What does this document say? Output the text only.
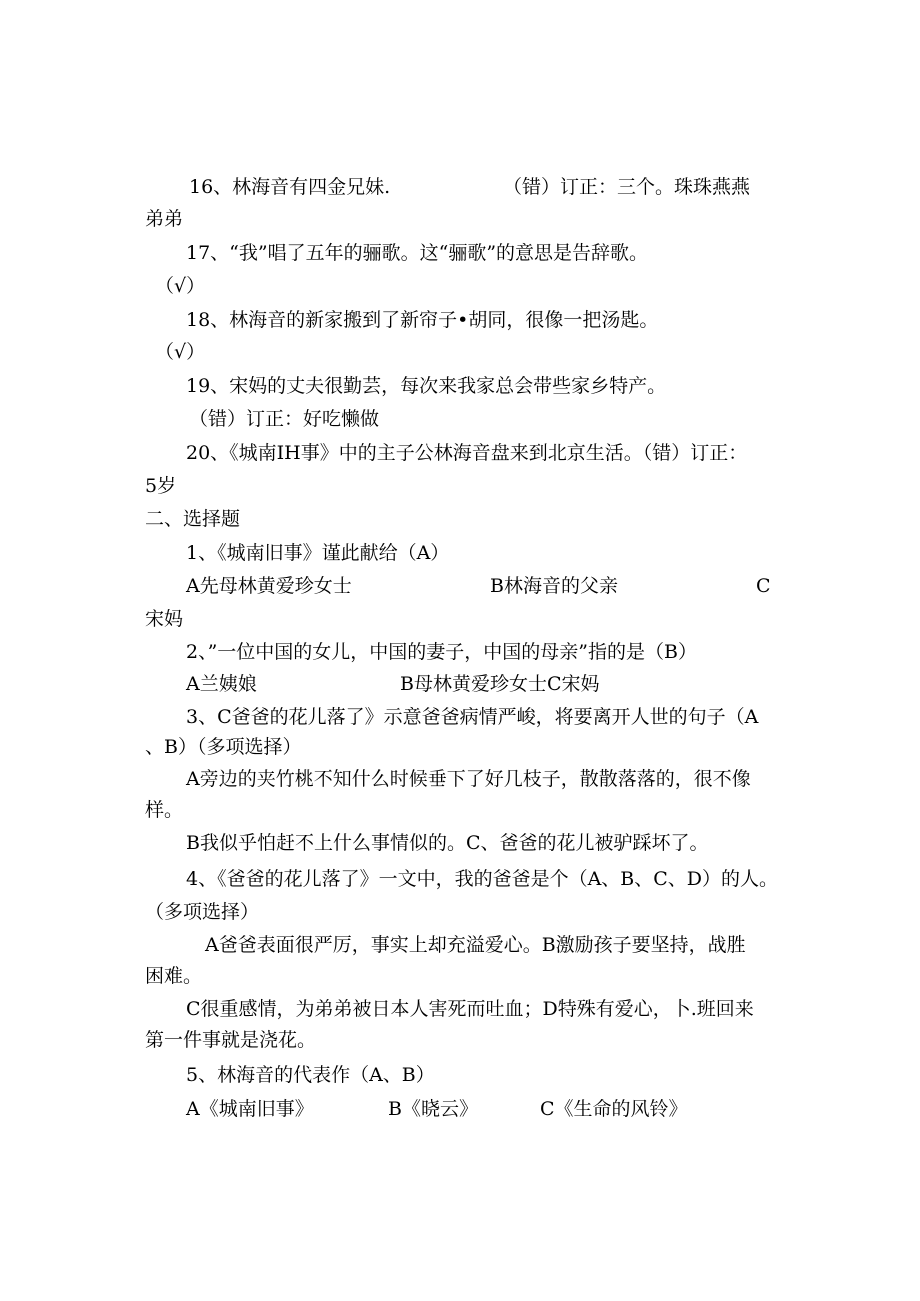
16、林海音有四金兄妹.	（错）订正：三个。珠珠燕燕
弟弟
17、“我”唱了五年的骊歌。这“骊歌”的意思是告辞歌。
（√）
18、林海音的新家搬到了新帘子•胡同，很像一把汤匙。
（√）
19、宋妈的丈夫很勤芸，每次来我家总会带些家乡特产。
（错）订正：好吃懒做
20、《城南IH事》中的主子公林海音盘来到北京生活。（错）订正：
5岁
二、选择题
1、《城南旧事》谨此献给（A）
A先母林黄爱珍女士	B林海音的父亲	C
宋妈
2、”一位中国的女儿，中国的妻子，中国的母亲”指的是（B）
A兰姨娘	B母林黄爱珍女士C宋妈
3、C爸爸的花儿落了》示意爸爸病情严峻，将要离开人世的句子（A
、B）（多项选择）
A旁边的夹竹桃不知什么时候垂下了好几枝子，散散落落的，很不像
样。
B我似乎怕赶不上什么事情似的。C、爸爸的花儿被驴踩坏了。
4、《爸爸的花儿落了》一文中，我的爸爸是个（A、B、C、D）的人。
（多项选择）
A爸爸表面很严厉，事实上却充溢爱心。B激励孩子要坚持，战胜
困难。
C很重感情，为弟弟被日本人害死而吐血；D特殊有爱心，卜.班回来
第一件事就是浇花。
5、林海音的代表作（A、B）
A《城南旧事》	B《晓云》	C《生命的风铃》
